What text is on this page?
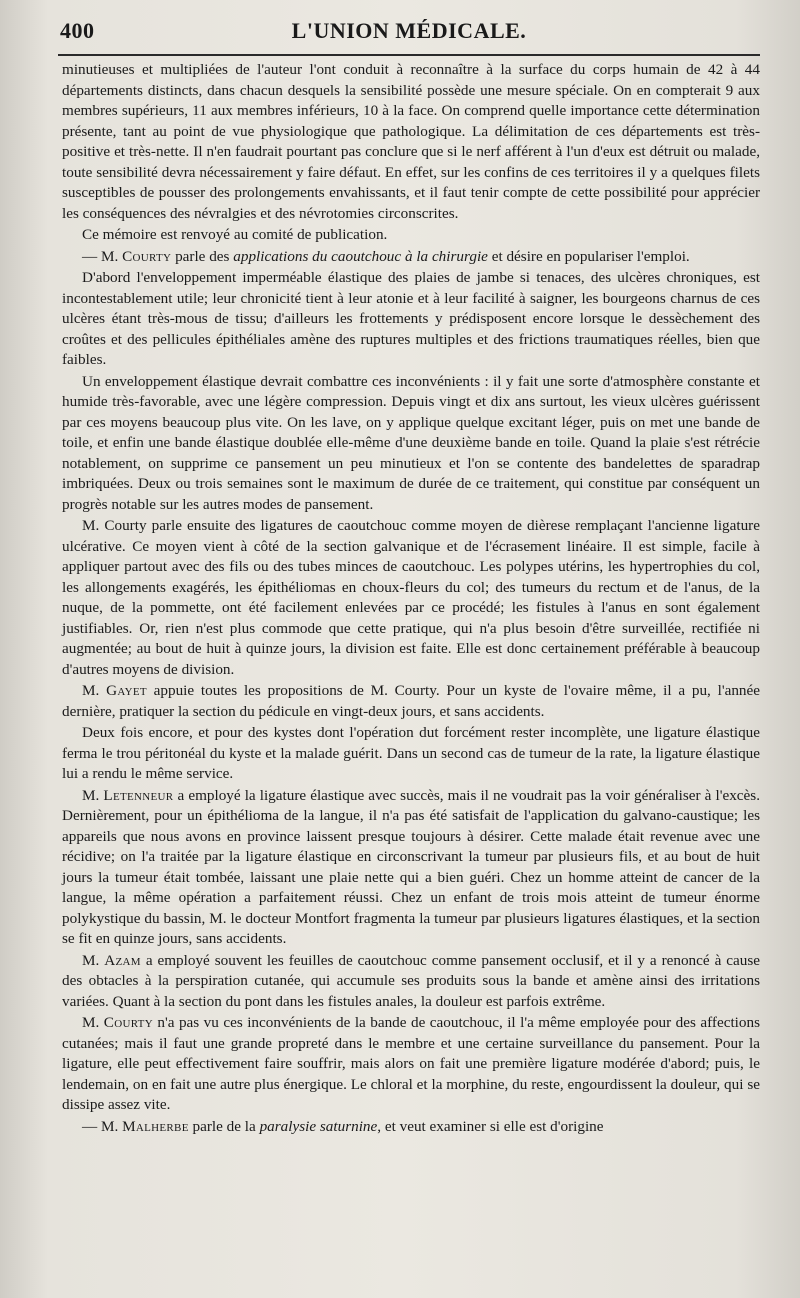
400	L'UNION MÉDICALE.

minutieuses et multipliées de l'auteur l'ont conduit à reconnaître à la surface du corps humain de 42 à 44 départements distincts, dans chacun desquels la sensibilité possède une mesure spéciale. On en compterait 9 aux membres supérieurs, 11 aux membres inférieurs, 10 à la face. On comprend quelle importance cette détermination présente, tant au point de vue physiologique que pathologique. La délimitation de ces départements est très-positive et très-nette. Il n'en faudrait pourtant pas conclure que si le nerf afférent à l'un d'eux est détruit ou malade, toute sensibilité devra nécessairement y faire défaut. En effet, sur les confins de ces territoires il y a quelques filets susceptibles de pousser des prolongements envahissants, et il faut tenir compte de cette possibilité pour apprécier les conséquences des névralgies et des névrotomies circonscrites.

Ce mémoire est renvoyé au comité de publication.

— M. Courty parle des applications du caoutchouc à la chirurgie et désire en populariser l'emploi.

D'abord l'enveloppement imperméable élastique des plaies de jambe si tenaces, des ulcères chroniques, est incontestablement utile; leur chronicité tient à leur atonie et à leur facilité à saigner, les bourgeons charnus de ces ulcères étant très-mous de tissu; d'ailleurs les frottements y prédisposent encore lorsque le dessèchement des croûtes et des pellicules épithéliales amène des ruptures multiples et des frictions traumatiques réelles, bien que faibles.

Un enveloppement élastique devrait combattre ces inconvénients : il y fait une sorte d'atmosphère constante et humide très-favorable, avec une légère compression. Depuis vingt et dix ans surtout, les vieux ulcères guérissent par ces moyens beaucoup plus vite. On les lave, on y applique quelque excitant léger, puis on met une bande de toile, et enfin une bande élastique doublée elle-même d'une deuxième bande en toile. Quand la plaie s'est rétrécie notablement, on supprime ce pansement un peu minutieux et l'on se contente des bandelettes de sparadrap imbriquées. Deux ou trois semaines sont le maximum de durée de ce traitement, qui constitue par conséquent un progrès notable sur les autres modes de pansement.

M. Courty parle ensuite des ligatures de caoutchouc comme moyen de dièrese remplaçant l'ancienne ligature ulcérative. Ce moyen vient à côté de la section galvanique et de l'écrasement linéaire. Il est simple, facile à appliquer partout avec des fils ou des tubes minces de caoutchouc. Les polypes utérins, les hypertrophies du col, les allongements exagérés, les épithéliomas en choux-fleurs du col; des tumeurs du rectum et de l'anus, de la nuque, de la pommette, ont été facilement enlevées par ce procédé; les fistules à l'anus en sont également justifiables. Or, rien n'est plus commode que cette pratique, qui n'a plus besoin d'être surveillée, rectifiée ni augmentée; au bout de huit à quinze jours, la division est faite. Elle est donc certainement préférable à beaucoup d'autres moyens de division.

M. Gayet appuie toutes les propositions de M. Courty. Pour un kyste de l'ovaire même, il a pu, l'année dernière, pratiquer la section du pédicule en vingt-deux jours, et sans accidents.

Deux fois encore, et pour des kystes dont l'opération dut forcément rester incomplète, une ligature élastique ferma le trou péritonéal du kyste et la malade guérit. Dans un second cas de tumeur de la rate, la ligature élastique lui a rendu le même service.

M. Letenneur a employé la ligature élastique avec succès, mais il ne voudrait pas la voir généraliser à l'excès. Dernièrement, pour un épithélioma de la langue, il n'a pas été satisfait de l'application du galvano-caustique; les appareils que nous avons en province laissent presque toujours à désirer. Cette malade était revenue avec une récidive; on l'a traitée par la ligature élastique en circonscrivant la tumeur par plusieurs fils, et au bout de huit jours la tumeur était tombée, laissant une plaie nette qui a bien guéri. Chez un homme atteint de cancer de la langue, la même opération a parfaitement réussi. Chez un enfant de trois mois atteint de tumeur énorme polykystique du bassin, M. le docteur Montfort fragmenta la tumeur par plusieurs ligatures élastiques, et la section se fit en quinze jours, sans accidents.

M. Azam a employé souvent les feuilles de caoutchouc comme pansement occlusif, et il y a renoncé à cause des obtacles à la perspiration cutanée, qui accumule ses produits sous la bande et amène ainsi des irritations variées. Quant à la section du pont dans les fistules anales, la douleur est parfois extrême.

M. Courty n'a pas vu ces inconvénients de la bande de caoutchouc, il l'a même employée pour des affections cutanées; mais il faut une grande propreté dans le membre et une certaine surveillance du pansement. Pour la ligature, elle peut effectivement faire souffrir, mais alors on fait une première ligature modérée d'abord; puis, le lendemain, on en fait une autre plus énergique. Le chloral et la morphine, du reste, engourdissent la douleur, qui se dissipe assez vite.

— M. Malherbe parle de la paralysie saturnine, et veut examiner si elle est d'origine
